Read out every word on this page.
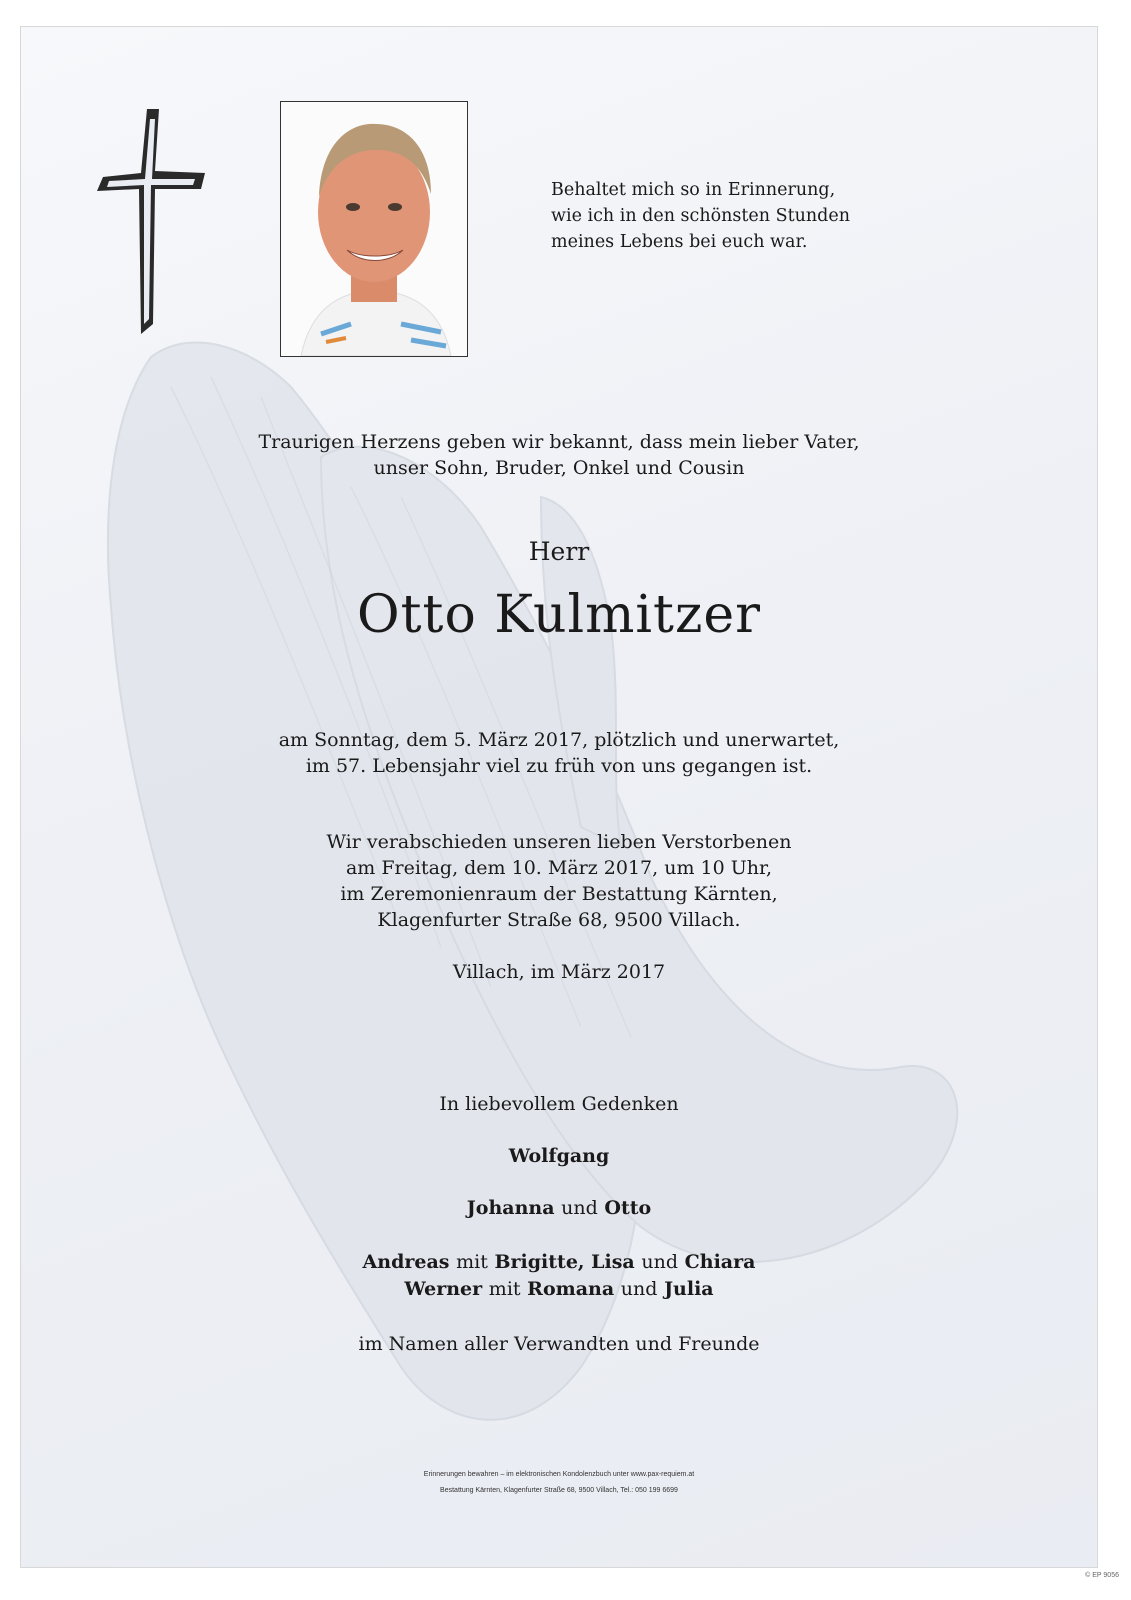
Behaltet mich so in Erinnerung,
wie ich in den schönsten Stunden
meines Lebens bei euch war.
Traurigen Herzens geben wir bekannt, dass mein lieber Vater,
unser Sohn, Bruder, Onkel und Cousin
Herr
Otto Kulmitzer
am Sonntag, dem 5. März 2017, plötzlich und unerwartet,
im 57. Lebensjahr viel zu früh von uns gegangen ist.
Wir verabschieden unseren lieben Verstorbenen
am Freitag, dem 10. März 2017, um 10 Uhr,
im Zeremonienraum der Bestattung Kärnten,
Klagenfurter Straße 68, 9500 Villach.
Villach, im März 2017
In liebevollem Gedenken
Wolfgang
Johanna und Otto
Andreas mit Brigitte, Lisa und Chiara
Werner mit Romana und Julia
im Namen aller Verwandten und Freunde
Erinnerungen bewahren – im elektronischen Kondolenzbuch unter www.pax-requiem.at
Bestattung Kärnten, Klagenfurter Straße 68, 9500 Villach, Tel.: 050 199 6699
© EP 9056
